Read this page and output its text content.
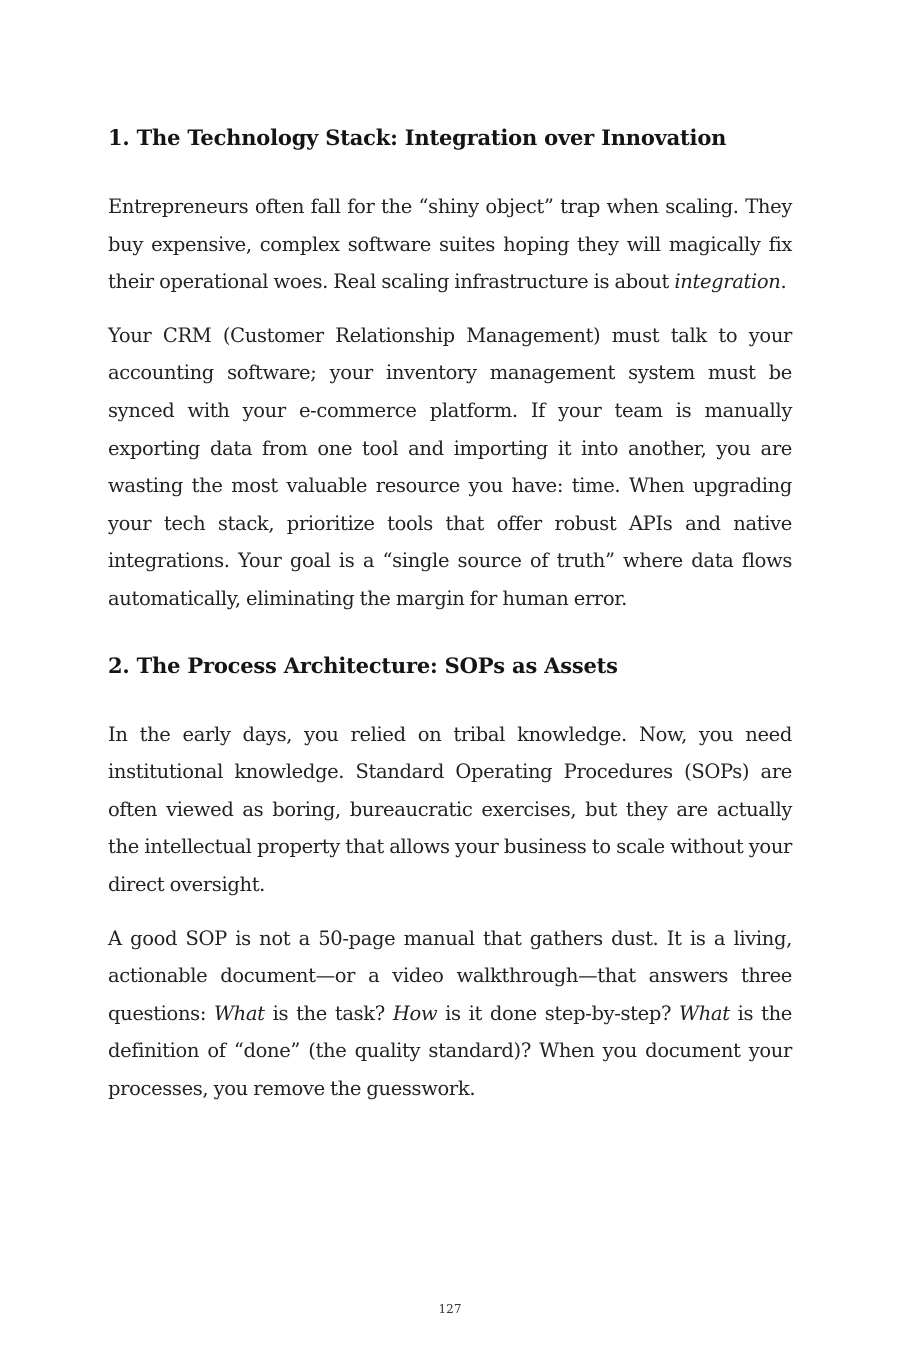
1. The Technology Stack: Integration over Innovation

Entrepreneurs often fall for the “shiny object” trap when scaling. They buy expensive, complex software suites hoping they will magically fix their operational woes. Real scaling infrastructure is about integration.

Your CRM (Customer Relationship Management) must talk to your accounting software; your inventory management system must be synced with your e-commerce platform. If your team is manually exporting data from one tool and importing it into another, you are wasting the most valuable resource you have: time. When upgrading your tech stack, prioritize tools that offer robust APIs and native integrations. Your goal is a “single source of truth” where data flows automatically, eliminating the margin for human error.

2. The Process Architecture: SOPs as Assets

In the early days, you relied on tribal knowledge. Now, you need institutional knowledge. Standard Operating Procedures (SOPs) are often viewed as boring, bureaucratic exercises, but they are actually the intellectual property that allows your business to scale without your direct oversight.

A good SOP is not a 50-page manual that gathers dust. It is a living, actionable document—or a video walkthrough—that answers three questions: What is the task? How is it done step-by-step? What is the definition of “done” (the quality standard)? When you document your processes, you remove the guesswork.

127
